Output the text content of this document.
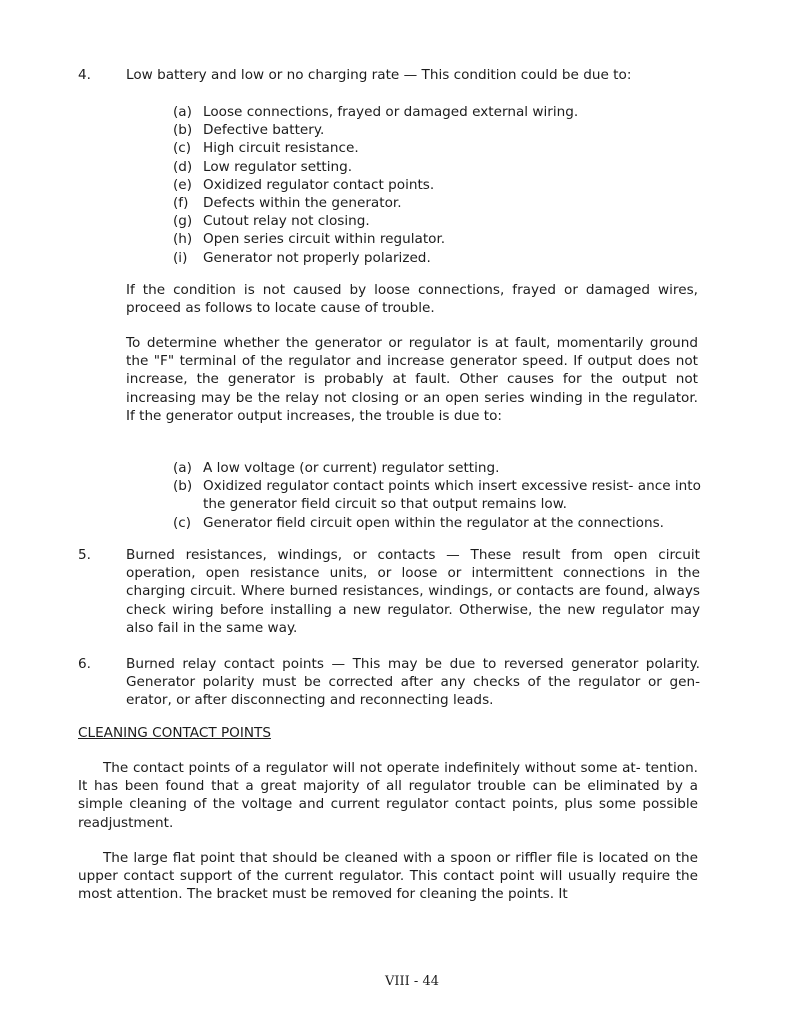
4.	Low battery and low or no charging rate — This condition could be due to:
(a) Loose connections, frayed or damaged external wiring.
(b) Defective battery.
(c) High circuit resistance.
(d) Low regulator setting.
(e) Oxidized regulator contact points.
(f) Defects within the generator.
(g) Cutout relay not closing.
(h) Open series circuit within regulator.
(i) Generator not properly polarized.
If the condition is not caused by loose connections, frayed or damaged wires, proceed as follows to locate cause of trouble.
To determine whether the generator or regulator is at fault, momentarily ground the "F" terminal of the regulator and increase generator speed. If output does not increase, the generator is probably at fault. Other causes for the output not increasing may be the relay not closing or an open series winding in the regulator. If the generator output increases, the trouble is due to:
(a) A low voltage (or current) regulator setting.
(b) Oxidized regulator contact points which insert excessive resist- ance into the generator field circuit so that output remains low.
(c) Generator field circuit open within the regulator at the connections.
5.	Burned resistances, windings, or contacts — These result from open circuit operation, open resistance units, or loose or intermittent connections in the charging circuit. Where burned resistances, windings, or contacts are found, always check wiring before installing a new regulator. Otherwise, the new regulator may also fail in the same way.
6.	Burned relay contact points — This may be due to reversed generator polarity. Generator polarity must be corrected after any checks of the regulator or gen- erator, or after disconnecting and reconnecting leads.
CLEANING CONTACT POINTS
The contact points of a regulator will not operate indefinitely without some at- tention. It has been found that a great majority of all regulator trouble can be eliminated by a simple cleaning of the voltage and current regulator contact points, plus some possible readjustment.
The large flat point that should be cleaned with a spoon or riffler file is located on the upper contact support of the current regulator. This contact point will usually require the most attention. The bracket must be removed for cleaning the points. It
VIII - 44
